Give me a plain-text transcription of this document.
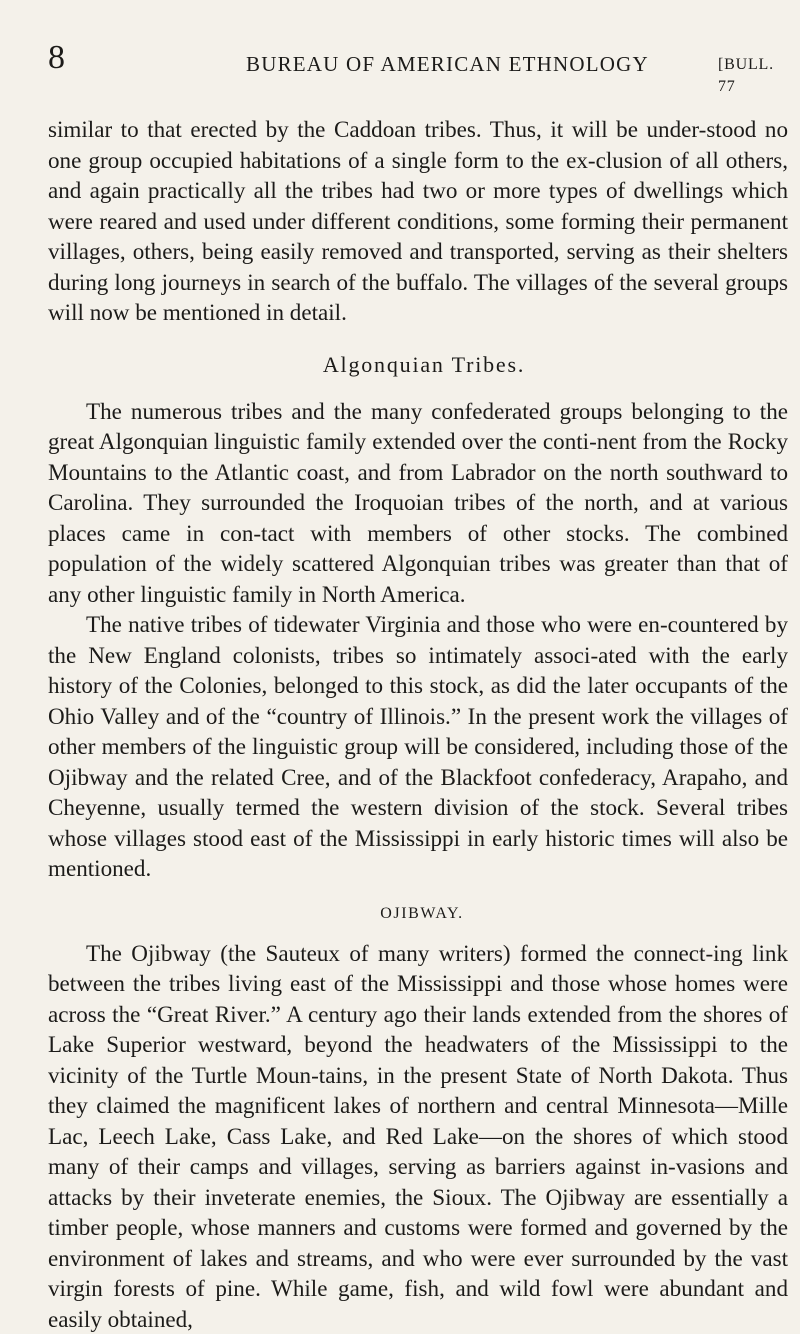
8	BUREAU OF AMERICAN ETHNOLOGY	[BULL. 77

similar to that erected by the Caddoan tribes. Thus, it will be under-stood no one group occupied habitations of a single form to the ex-clusion of all others, and again practically all the tribes had two or more types of dwellings which were reared and used under different conditions, some forming their permanent villages, others, being easily removed and transported, serving as their shelters during long journeys in search of the buffalo. The villages of the several groups will now be mentioned in detail.

Algonquian Tribes.

The numerous tribes and the many confederated groups belonging to the great Algonquian linguistic family extended over the conti-nent from the Rocky Mountains to the Atlantic coast, and from Labrador on the north southward to Carolina. They surrounded the Iroquoian tribes of the north, and at various places came in con-tact with members of other stocks. The combined population of the widely scattered Algonquian tribes was greater than that of any other linguistic family in North America.

The native tribes of tidewater Virginia and those who were en-countered by the New England colonists, tribes so intimately associ-ated with the early history of the Colonies, belonged to this stock, as did the later occupants of the Ohio Valley and of the “country of Illinois.” In the present work the villages of other members of the linguistic group will be considered, including those of the Ojibway and the related Cree, and of the Blackfoot confederacy, Arapaho, and Cheyenne, usually termed the western division of the stock. Several tribes whose villages stood east of the Mississippi in early historic times will also be mentioned.

OJIBWAY.

The Ojibway (the Sauteux of many writers) formed the connect-ing link between the tribes living east of the Mississippi and those whose homes were across the “Great River.” A century ago their lands extended from the shores of Lake Superior westward, beyond the headwaters of the Mississippi to the vicinity of the Turtle Moun-tains, in the present State of North Dakota. Thus they claimed the magnificent lakes of northern and central Minnesota—Mille Lac, Leech Lake, Cass Lake, and Red Lake—on the shores of which stood many of their camps and villages, serving as barriers against in-vasions and attacks by their inveterate enemies, the Sioux. The Ojibway are essentially a timber people, whose manners and customs were formed and governed by the environment of lakes and streams, and who were ever surrounded by the vast virgin forests of pine. While game, fish, and wild fowl were abundant and easily obtained,
